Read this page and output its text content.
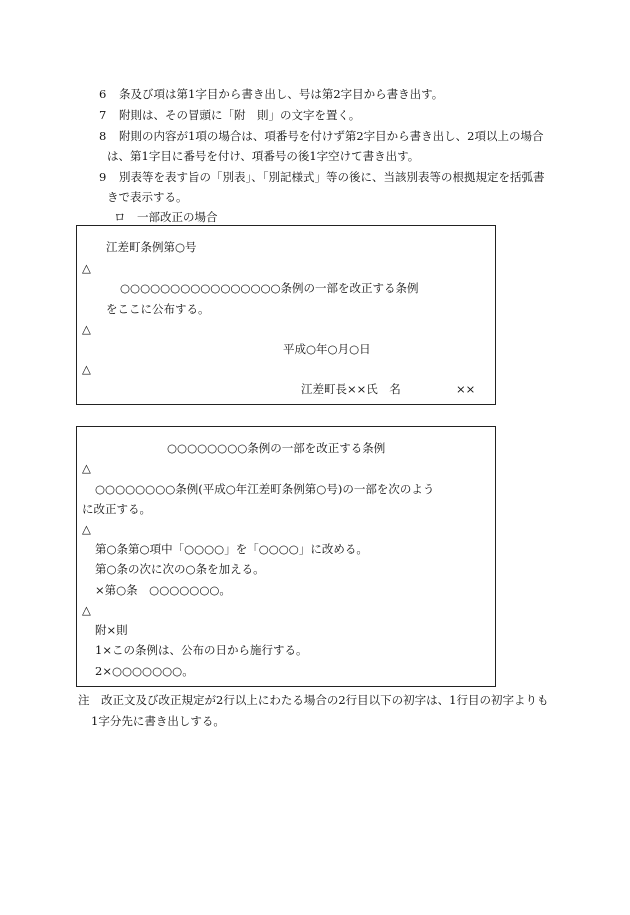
6 条及び項は第1字目から書き出し、号は第2字目から書き出す。
7 附則は、その冒頭に「附　則」の文字を置く。
8 附則の内容が1項の場合は、項番号を付けず第2字目から書き出し、2項以上の場合
は、第1字目に番号を付け、項番号の後1字空けて書き出す。
9 別表等を表す旨の「別表」、「別記様式」等の後に、当該別表等の根拠規定を括弧書
きで表示する。
ロ　一部改正の場合
江差町条例第○号
△
○○○○○○○○○○○○○○○○条例の一部を改正する条例
をここに公布する。
△
平成○年○月○日
△
江差町長××氏　名	××
○○○○○○○○条例の一部を改正する条例
△
○○○○○○○○条例(平成○年江差町条例第○号)の一部を次のよう
に改正する。
△
第○条第○項中「○○○○」を「○○○○」に改める。
第○条の次に次の○条を加える。
×第○条　○○○○○○○。
△
附×則
1×この条例は、公布の日から施行する。
2×○○○○○○○。
注　改正文及び改正規定が2行以上にわたる場合の2行目以下の初字は、1行目の初字よりも
1字分先に書き出しする。
